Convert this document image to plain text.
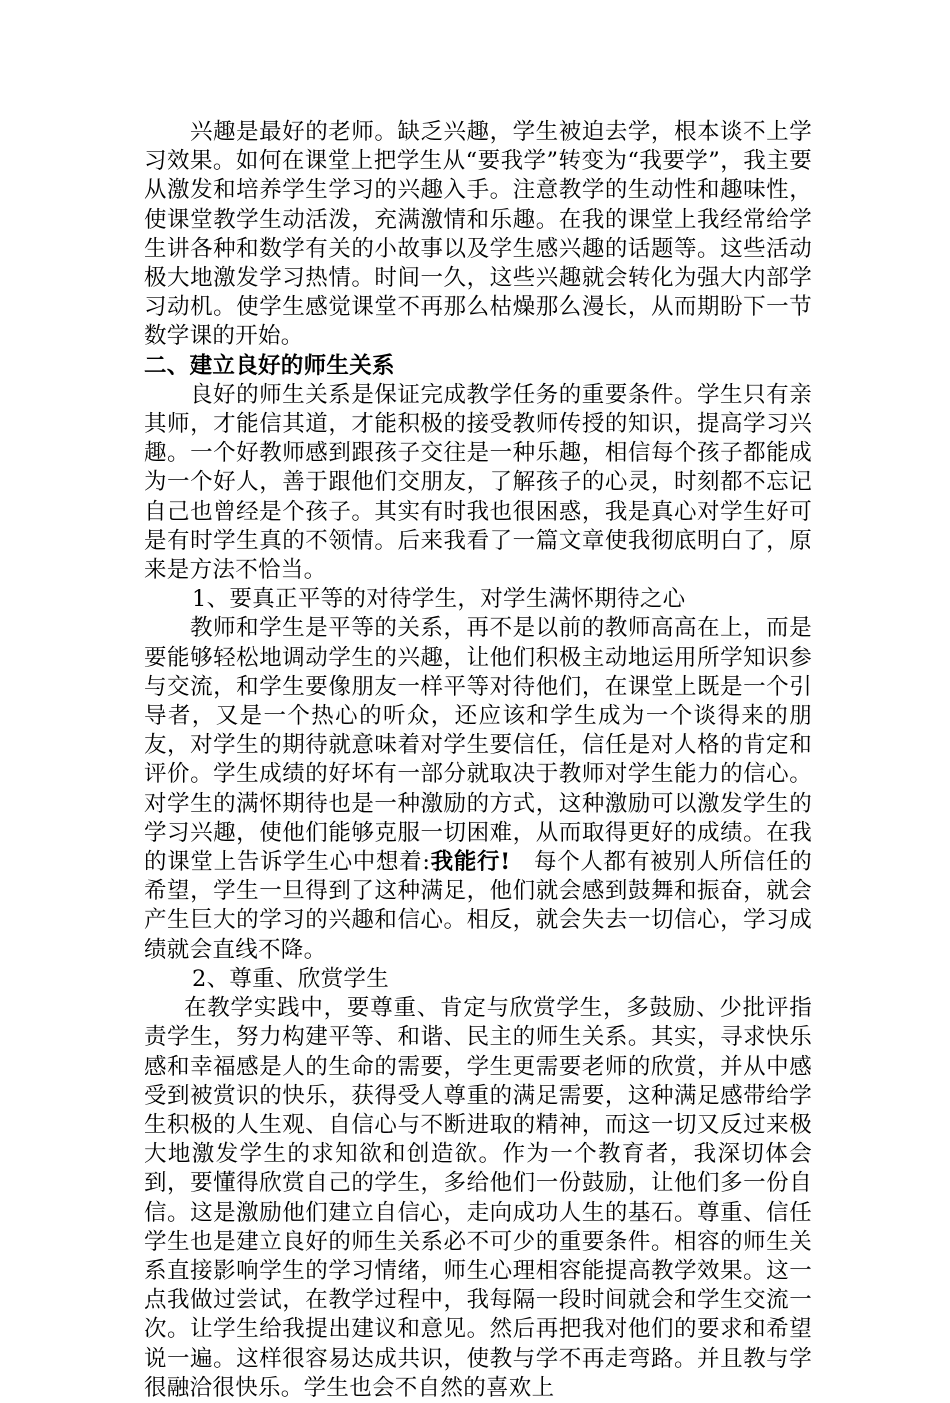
兴趣是最好的老师。缺乏兴趣，学生被迫去学，根本谈不上学习效果。如何在课堂上把学生从“要我学”转变为“我要学”，我主要从激发和培养学生学习的兴趣入手。注意教学的生动性和趣味性，使课堂教学生动活泼，充满激情和乐趣。在我的课堂上我经常给学生讲各种和数学有关的小故事以及学生感兴趣的话题等。这些活动极大地激发学习热情。时间一久，这些兴趣就会转化为强大内部学习动机。使学生感觉课堂不再那么枯燥那么漫长，从而期盼下一节数学课的开始。

二、建立良好的师生关系

良好的师生关系是保证完成教学任务的重要条件。学生只有亲其师，才能信其道，才能积极的接受教师传授的知识，提高学习兴趣。一个好教师感到跟孩子交往是一种乐趣，相信每个孩子都能成为一个好人，善于跟他们交朋友，了解孩子的心灵，时刻都不忘记自己也曾经是个孩子。其实有时我也很困惑，我是真心对学生好可是有时学生真的不领情。后来我看了一篇文章使我彻底明白了，原来是方法不恰当。

1、要真正平等的对待学生，对学生满怀期待之心

教师和学生是平等的关系，再不是以前的教师高高在上，而是要能够轻松地调动学生的兴趣，让他们积极主动地运用所学知识参与交流，和学生要像朋友一样平等对待他们，在课堂上既是一个引导者，又是一个热心的听众，还应该和学生成为一个谈得来的朋友，对学生的期待就意味着对学生要信任，信任是对人格的肯定和评价。学生成绩的好坏有一部分就取决于教师对学生能力的信心。对学生的满怀期待也是一种激励的方式，这种激励可以激发学生的学习兴趣，使他们能够克服一切困难，从而取得更好的成绩。在我的课堂上告诉学生心中想着:我能行!　每个人都有被别人所信任的希望，学生一旦得到了这种满足，他们就会感到鼓舞和振奋，就会产生巨大的学习的兴趣和信心。相反，就会失去一切信心，学习成绩就会直线不降。

2、尊重、欣赏学生

在教学实践中，要尊重、肯定与欣赏学生，多鼓励、少批评指责学生，努力构建平等、和谐、民主的师生关系。其实，寻求快乐感和幸福感是人的生命的需要，学生更需要老师的欣赏，并从中感受到被赏识的快乐，获得受人尊重的满足需要，这种满足感带给学生积极的人生观、自信心与不断进取的精神，而这一切又反过来极大地激发学生的求知欲和创造欲。作为一个教育者，我深切体会到，要懂得欣赏自己的学生，多给他们一份鼓励，让他们多一份自信。这是激励他们建立自信心，走向成功人生的基石。尊重、信任学生也是建立良好的师生关系必不可少的重要条件。相容的师生关系直接影响学生的学习情绪，师生心理相容能提高教学效果。这一点我做过尝试，在教学过程中，我每隔一段时间就会和学生交流一次。让学生给我提出建议和意见。然后再把我对他们的要求和希望说一遍。这样很容易达成共识，使教与学不再走弯路。并且教与学很融洽很快乐。学生也会不自然的喜欢上
